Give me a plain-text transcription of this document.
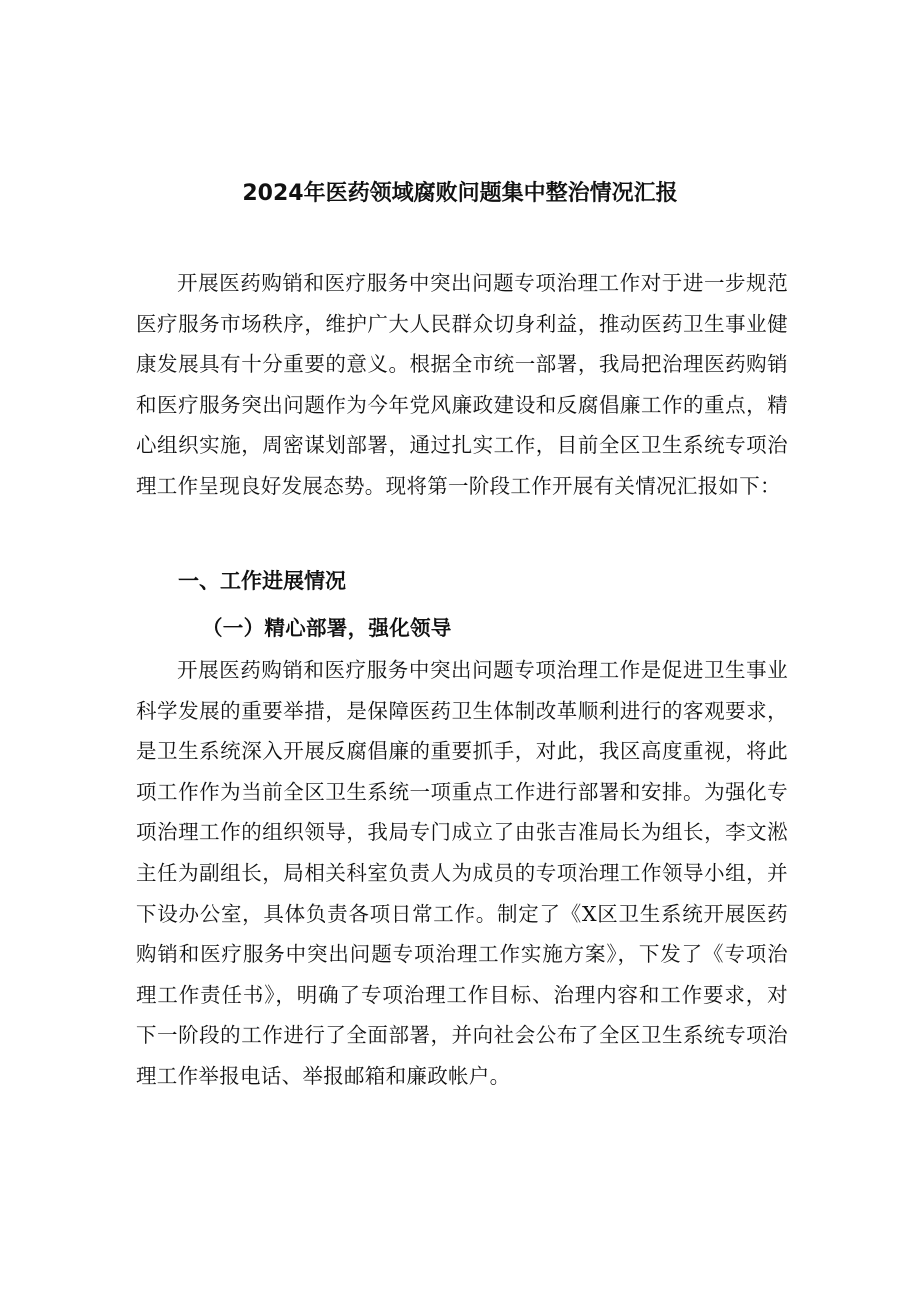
2024年医药领域腐败问题集中整治情况汇报

开展医药购销和医疗服务中突出问题专项治理工作对于进一步规范医疗服务市场秩序，维护广大人民群众切身利益，推动医药卫生事业健康发展具有十分重要的意义。根据全市统一部署，我局把治理医药购销和医疗服务突出问题作为今年党风廉政建设和反腐倡廉工作的重点，精心组织实施，周密谋划部署，通过扎实工作，目前全区卫生系统专项治理工作呈现良好发展态势。现将第一阶段工作开展有关情况汇报如下：

一、工作进展情况
（一）精心部署，强化领导

开展医药购销和医疗服务中突出问题专项治理工作是促进卫生事业科学发展的重要举措，是保障医药卫生体制改革顺利进行的客观要求，是卫生系统深入开展反腐倡廉的重要抓手，对此，我区高度重视，将此项工作作为当前全区卫生系统一项重点工作进行部署和安排。为强化专项治理工作的组织领导，我局专门成立了由张吉准局长为组长，李文淞主任为副组长，局相关科室负责人为成员的专项治理工作领导小组，并下设办公室，具体负责各项日常工作。制定了《X区卫生系统开展医药购销和医疗服务中突出问题专项治理工作实施方案》，下发了《专项治理工作责任书》，明确了专项治理工作目标、治理内容和工作要求，对下一阶段的工作进行了全面部署，并向社会公布了全区卫生系统专项治理工作举报电话、举报邮箱和廉政帐户。
